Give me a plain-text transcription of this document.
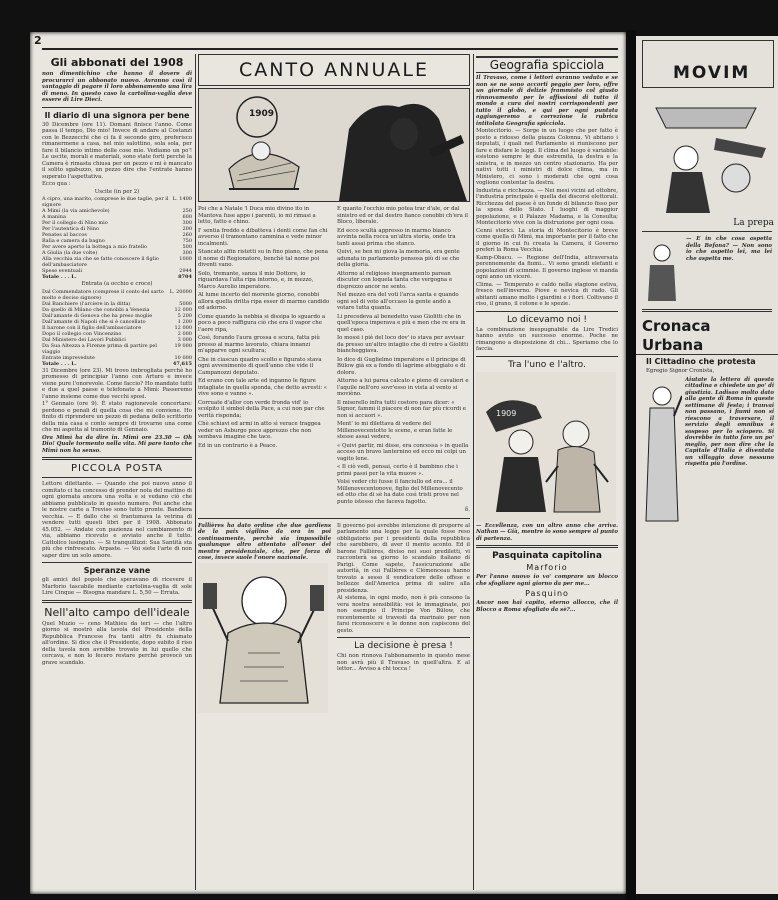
2
Gli abbonati del 1908
non dimentichino che hanno il dovere di procurarci un abbonato nuovo. Avranno così il vantaggio di pagare il loro abbonamento una lira di meno. In questo caso la cartolina-vaglia deve essere di Lire Dieci.
Il diario di una signora per bene
30 Dicembre (ore 11). Domani finisce l'anno. Come passa il tempo, Dio mio! Invece di andare al Costanzi con le Bezzecchi che ci fa il secondo giro, preferisco rimanermene a casa, nel mio salottino, sola sola, per fare il bilancio intimo delle cose mie. Vediamo un po'! Le uscite, morali e materiali, sono state forti perchè la Camera è rimasta chiusa per un pezzo e mi è mancato il solito sgabuzzo, un pezzo dire che l'entrate hanno superato l'aspettativa.
Ecco qua :
Uscite (in per 2)
A cipro, una marito, comprese le due taglie, per il signore
L. 1400
A Mimì (la via amichevole)	250
A manina	600
Per il collegio di Nino mio	300
Per l'autentica di Nino	200
Penates al baccos	260
Balia e camera da bagno	750
Per avere aperto la bottega a mio fratello	500
A Giulia (la due volte)	300
Alla vecchia zia che se fatto conoscere il figlio dell'ambasciatore
1000
Spese eventuali	2944
Totale . . . L.	8704
Entrata (a occhio e croce)
Dal Commendatore (comprese il conto del sarto molto e deciso signore)
L. 20000
Dal Banchiere (l'arciere in la ditta)	5000
Da quello di Milano che conobbi a Venezia	12 000
Dall'amante di Genova che ha preso moglie	5 200
Dall'amante di Napoli che si è cancellato	1 200
Il barone con il figlio dell'ambasciatore	12 000
Dopo il collegio con Vincenzino	2 000
Dal Ministero dei Lavori Pubblici	3 000
Da Sua Altezza a Firenze prima di partire pel viaggio
19 000
Entrate imprevedute	10 000
Totale . . . L.	47,615
31 Dicembre (ore 23). Mi trovo imbrogliata perchè ho promesso di principiar l'anno con Arturo e invece viene pure l'onorevole. Come faccio? Ho mandato tutti e due a quel paese e telefonato a Mimì: Passeremo l'anno insieme come due vecchi sposi.
1° Gennaio (ore 9). È stato ragionevole concertare: perdono e penali di quella cosa che mi conviene. Ho finito di riprendere un pezzo di pedana dello scrittorio della mia casa e conto sempre di trovarne una come che mi aspetta al tramonto di Gennaio.
Ora Mimì ha da dire in. Mimì ore 23.30 — Oh Dio! Quale tormento nella vita. Mi pare tanto che Mimì non ha senso.
PICCOLA POSTA
Lettore dilettante. — Quando che poi nuovo anno il comitato ci ha concesso di prender nota del mattino di ogni giornata ancora una volta e si vedano ciò che abbiamo pubblicato in questo numero. Poi anche che le nostre carte a Treviso sono tutto pronte. Bandiera vecchia. — E dallo che si frantumava la vetrina di vendere tutti questi libri per il 1908. Abbonato 45.052. — Andate con pazienza nel cambiamento di via, abbiamo ricevuto e avviato anche il tutto. Cattolico lusingato. — Si tranquillizzi: Sua Santità sta più che rinfrescato. Arpaste. — Voi siete l'arte di non saper dire un solo amore.
Speranze vane
gli amici del popolo che speravano di ricevere il Marforio tascabile mediante cartolina-vaglia di sole Lire Cinque — Bisogna mandare L. 5,50 — Errata.
Nell'alto campo dell'ideale
Quel Muzio — ceno Mathieu da ieri — che l'altro giorno si mostrò alla tavola del Presidente della Repubblica Francese fra tanti altri fu chiamato all'ordine. Si dice che il Presidente, dopo subito il riso della tavola non avrebbe trovato in lui quello che cercava, e non lo fecero restare perchè provocò un grave scandalo.
CANTO ANNUALE
1909
Poi che a Natale 'l Duca mio divino ito in Mantova fuse appo i parenti, io mi rimasi a letto, fatto e chino.
I' sentia freddo e dibatteva i denti come fan chi avverso il tramontano cammina e vede minor incalmenti.
Stancato alfin ristetti su in fino piano, che pena il nome di Regionatore, benchè tal nome poi diventi vano.
Solo, tremante, sanza il mio Dottore, io riguardava l'alta ripa intorno, e, in mezzo, Marco Aurelio imperatore.
Al lume incerto del morente giorno, conobbi allora quella dritta ripa esser di marmo candido ed adorno.
Come quando la nebbia si dissipa lo sguardo a poco a poco raffigura ciò che era il vapor che l'aere ripa,
Così, forando l'aura grossa e scura, fatta più presso al marmo lavorato, chiara innanzi m'apparve ogni scultura;
Che in ciascun quadro scolto e figurato stava ogni avvenimento di quell'anno che vide il Campanozzi deputato.
Ed erano con tale arte ed inganno le figure intagliate in quella sponda, che detto avresti: « vive sono e vanno ».
Corruate d'allor con verde fronda vid' io scolpito il simbol della Pace, a cui non par che verità risponda;
Chè schiavi ed armi in atto sì verace traggea veder un Asburgo poco apprezzo che non sembava imagine che tace.
Ed in un contrario è a Peace.
E quanto l'occhio mio potea trar d'ale, or dal sinistro ed or dal destro fianco conobbi ch'era il Bloco, liberale.
Ed ecco scultà appresso in marmo bianco avvinta nella rocca un'altra storia, onde tra tanti assai prima che stanco.
Quivi, se ben mi giova la memoria, era gente adunata in parlamento pensosa più di se che della gloria.
Attorno al religioso insegnamento parean discuter con loquela tanta che vergogna e disprezzo ancor ne sento.
Nel mezzo era del voti l'arca santa e quando ogni sol di voto all'occaso la gente andò a votare tutta quanta.
Li precedeva al benedetto vaso Giolitti che in quell'epoca imperava e più e men che re era in quel caso.
Io mossi i piè del loco dov' io stava per avvisar da presso un'altro intaglio che di retro a Giolitti biancheggiava.
Io dico di Guglielmo imperatore e il principe di Bülow già ex a fondo di lagrime atteggiato e di dolore.
Attorno a lui parea calcato e pieno di cavalieri e l'aquile nell'oro sovr'esso in vista al vento si movièno.
Il miserello infra tutti costoro para dicer: « Signor, fammi il piacere di non far più ricordi e non sì accuori ».
Ment' io mi dilettava di vedere del Millenovecentotto le scene, e eran fatte le stesse assai vedere,
« Quivi partir, mi disse, era concessa » in quella acceso un bravo lanternino ed ecco mi colpì un vagito lene.
« Il ciò vedi, pensai, certo è il bambino che i primi passi per la vita muove ».
Volsi veder chi fusse il fanciullo ed era... il Millenovecentonove, figlio del Millenovecento ed otto che di sè ha date così tristi prove nel punto istesso che faceva fagotto.
δ.
Fallières ha dato ordine che due gardiens de la paix vigilino da ora in poi continuamente, perchè sia impossibile qualunque altro attentato all'onor del mentre presidenziale, che, per forza di cose, invece suole l'onore nazionale.
Il governo poi avrebbe intenzione di proporre al parlamento una legge per la quale fosse reso obbligatorio per i presidenti della repubblica che sarebbero, di aver il mento aconto. Ed il barone Fallières, diviso nei suoi prediletti, vi racconterà sa giorno lo scandalo italiano di Parigi. Come sapete, l'assicurazione alle autorità, in cui Fallières e Clémenceau hanno trovato a sesso il vendicatore delle offese e bellezze dell'America prima di salire alla presidenza.
Al sistema, in ogni modo, non è più consono la vera nostra sensibilità: voi le immaginate, poi non esempio il Principe Von Bülow, che recentemente si travestì da marinaio per non farsi riconoscere e le donne non capiscono del gesto.
La decisione è presa !
Chi non rinnova l'abbonamento in questo mese non avrà più il Travaso in quell'altra. E al lettor... Avviso a chi tocca !
Geografia spicciola
Il Travaso, come i lettori avranno veduto e se non se ne sono accorti peggio per loro, offre un giornale di delizie frammisto col giusto rinnovamento per le affissioni di tutto il mondo a cura dei nostri corrispondenti per tutto il globo, e qui per ogni puntata aggiungeremo a correzione la rubrica intitolata Geografia spicciola.
Montecitorio. — Sorge in un luogo che per fatto è posto a ridosso della piazza Colonna. Vi abitano i deputati, i quali nel Parlamento si riuniscono per fare e disfare le leggi. Il clima del luogo è variabile: esistono sempre le due estremità, la destra e la sinistra, e in mezzo un centro stazionario. Ha per nativi tutti i ministri di dolce clima, ma in Ministero, ci sono i moderati che ogni cosa vogliono contentar la destra.
Industria e ricchezza. — Nei mesi vicini ad ottobre, l'industria principale è quella dei discorsi elettorali. Ricchezza del paese è un fondo di bilancio fisso per la spesa dello Stato. I luoghi di maggior popolazione, e il Palazzo Madama, e la Consulta; Montecitorio vive con la distruzione per ogni cosa.
Cenni storici. La storia di Montecitorio è breve come quella di Mimì, ma importante per il fatto che il giorno in cui fu creata la Camera, il Governo preferì la Roma Vecchia.
Kamp-Obacu. — Regione dell'India, attraversata perennemente da fiumi... Vi sono grandi elefanti e popolazioni di scimmie. Il governo inglese vi manda ogni anno un viceré.
Clima. — Temperato e caldo nella stagione estiva, fresco nell'inverno. Piove e nevica di rado. Gli abitanti amano molto i giardini e i fiori. Coltivano il riso, il grano, il cotone e le spezie.
Lo dicevamo noi !
La combinazione inespugnabile da Lire Tredici hanno avuto un successo enorme. Poche ne rimangono a disposizione di chi... Speriamo che lo faccia.
Tra l'uno e l'altro.
1909
— Eccellenza, con un altro anno che arriva. Nathan — Già, mentre io sono sempre al punto di partenza.
Pasquinata capitolina
Marforio
Per l'anno nuovo io vo' comprare un blocco che sfogliare ogni giorno da per me...
Pasquino
Ancor non hai capito, eterno allocco, che il Blocco a Roma sfogliato da sè?...
MOVIM
La prepa
— E in che cosa aspetta della Befana? — Non sono io che aspetto lei, ma lei che aspetta me.
Cronaca Urbana
Il Cittadino che protesta
Egregio Signor Cronista,
Aiutate la lettera di questa cittadina e chiedete un po' di giustizia. Ladisao molto dato alla gente di Roma in queste settimane di festa; i tranvai non passano, i fiumi non si riescono a traversare, il servizio degli omnibus è sospeso per lo sciopero. Si dovrebbe in tutto fare un po' meglio, per non dire che la Capitale d'Italia è diventata un villaggio dove nessuno rispetta più l'ordine.
